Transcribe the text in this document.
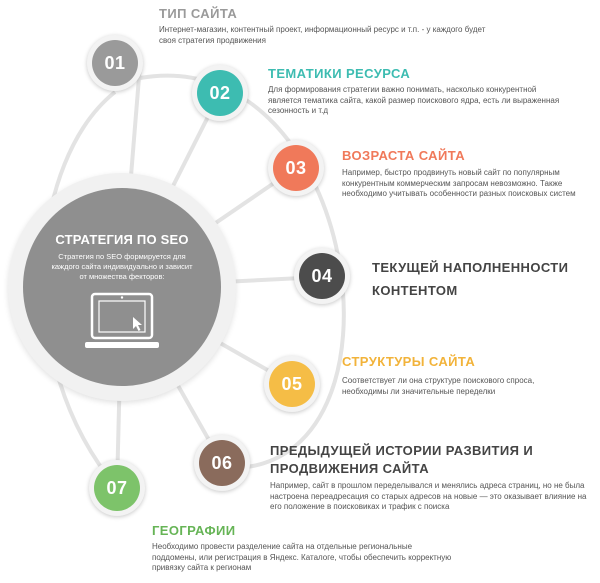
СТРАТЕГИЯ ПО SEO
Стратегия по SEO формируется для каждого сайта индивидуально и зависит от множества фекторов:
01
02
03
04
05
06
07
ТИП САЙТА
Интернет-магазин, контентный проект, информационный ресурс и т.п. - у каждого будет своя стратегия продвижения
ТЕМАТИКИ РЕСУРСА
Для формирования стратегии важно понимать, насколько конкурентной является тематика сайта, какой размер поискового ядра, есть ли выраженная сезонность и т.д
ВОЗРАСТА САЙТА
Например, быстро продвинуть новый сайт по популярным конкурентным коммерческим запросам невозможно. Также необходимо учитывать особенности разных поисковых систем
ТЕКУЩЕЙ НАПОЛНЕННОСТИ КОНТЕНТОМ
СТРУКТУРЫ САЙТА
Соответствует ли она структуре поискового спроса, необходимы ли значительные переделки
ПРЕДЫДУЩЕЙ ИСТОРИИ РАЗВИТИЯ И ПРОДВИЖЕНИЯ САЙТА
Например, сайт в прошлом переделывался и менялись адреса страниц, но не была настроена переадресация со старых адресов на новые — это оказывает влияние на его положение в поисковиках и трафик с поиска
ГЕОГРАФИИ
Необходимо провести разделение сайта на отдельные региональные поддомены, или регистрация в Яндекс. Каталоге, чтобы обеспечить корректную привязку сайта к регионам
